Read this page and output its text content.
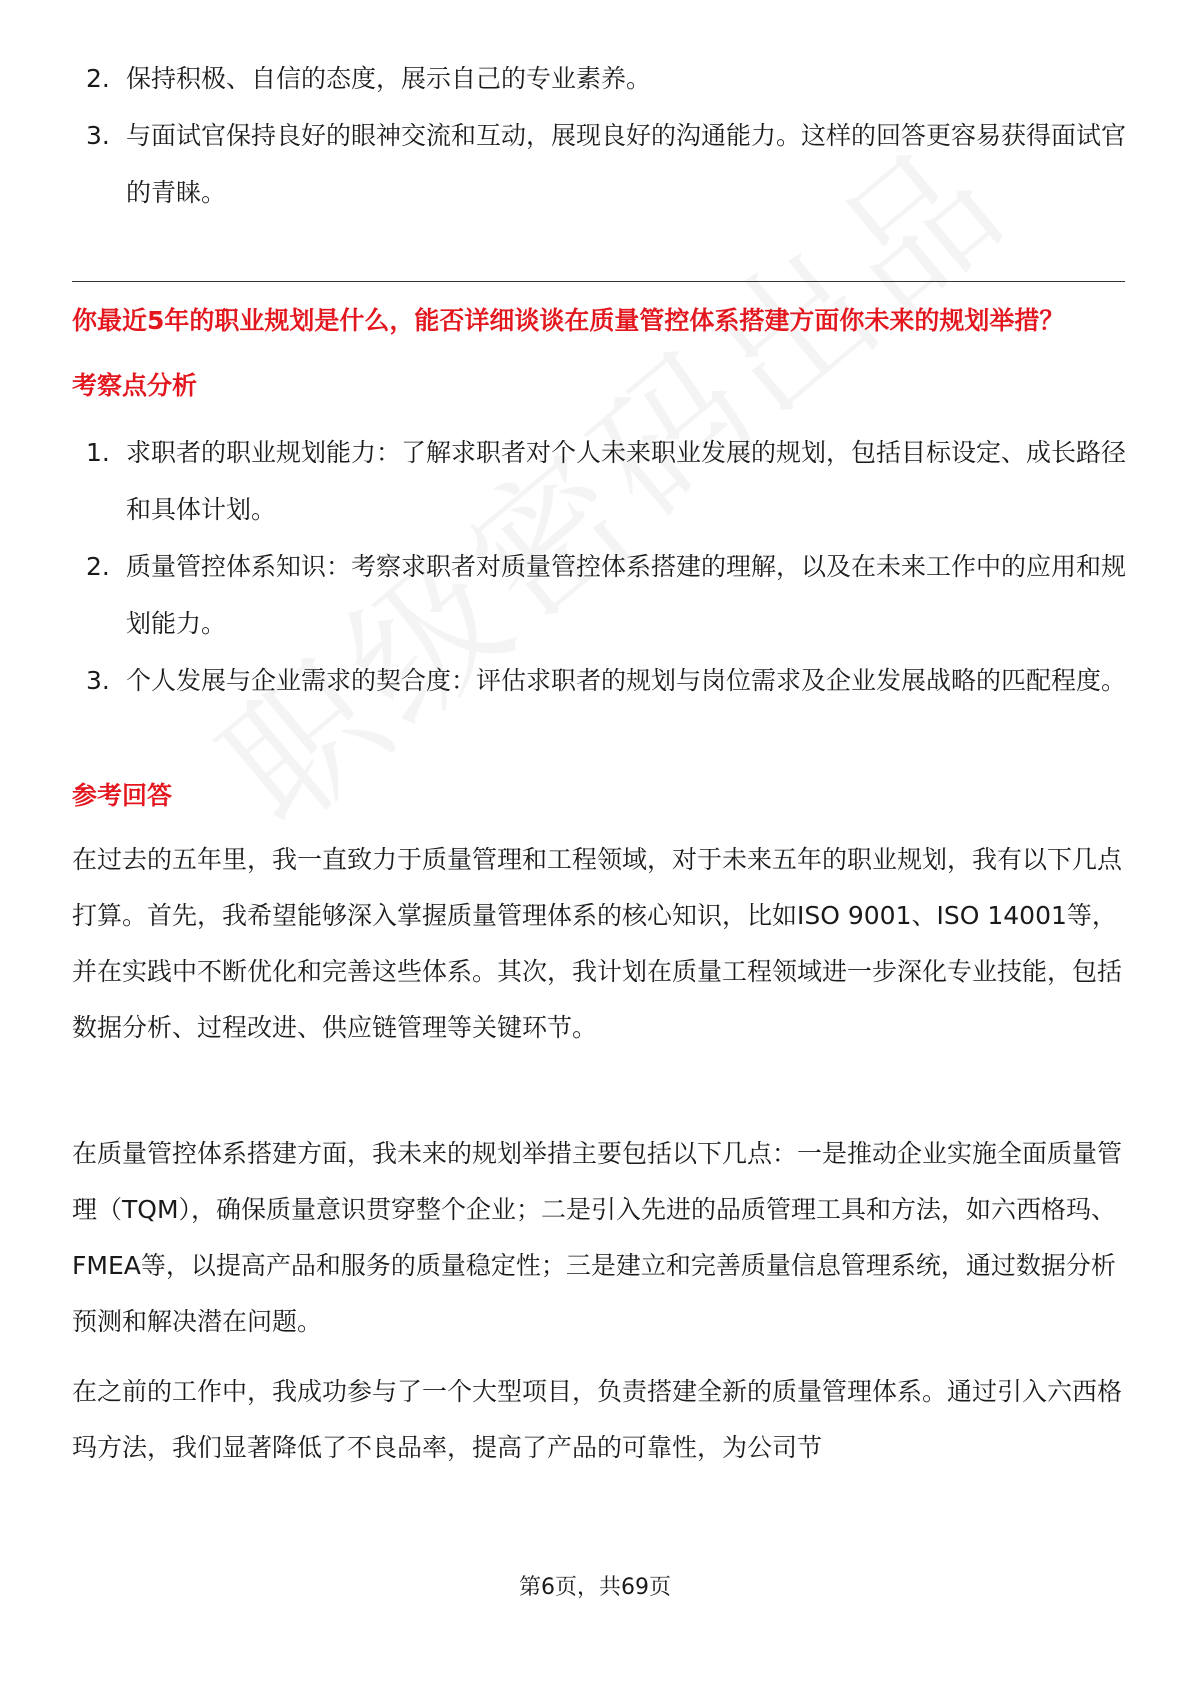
2. 保持积极、自信的态度，展示自己的专业素养。
3. 与面试官保持良好的眼神交流和互动，展现良好的沟通能力。这样的回答更容易获得面试官的青睐。
你最近5年的职业规划是什么，能否详细谈谈在质量管控体系搭建方面你未来的规划举措？
考察点分析
1. 求职者的职业规划能力：了解求职者对个人未来职业发展的规划，包括目标设定、成长路径和具体计划。
2. 质量管控体系知识：考察求职者对质量管控体系搭建的理解，以及在未来工作中的应用和规划能力。
3. 个人发展与企业需求的契合度：评估求职者的规划与岗位需求及企业发展战略的匹配程度。
参考回答

在过去的五年里，我一直致力于质量管理和工程领域，对于未来五年的职业规划，我有以下几点打算。首先，我希望能够深入掌握质量管理体系的核心知识，比如ISO 9001、ISO 14001等，并在实践中不断优化和完善这些体系。其次，我计划在质量工程领域进一步深化专业技能，包括数据分析、过程改进、供应链管理等关键环节。

在质量管控体系搭建方面，我未来的规划举措主要包括以下几点：一是推动企业实施全面质量管理（TQM），确保质量意识贯穿整个企业；二是引入先进的品质管理工具和方法，如六西格玛、FMEA等，以提高产品和服务的质量稳定性；三是建立和完善质量信息管理系统，通过数据分析预测和解决潜在问题。

在之前的工作中，我成功参与了一个大型项目，负责搭建全新的质量管理体系。通过引入六西格玛方法，我们显著降低了不良品率，提高了产品的可靠性，为公司节

第6页，共69页
